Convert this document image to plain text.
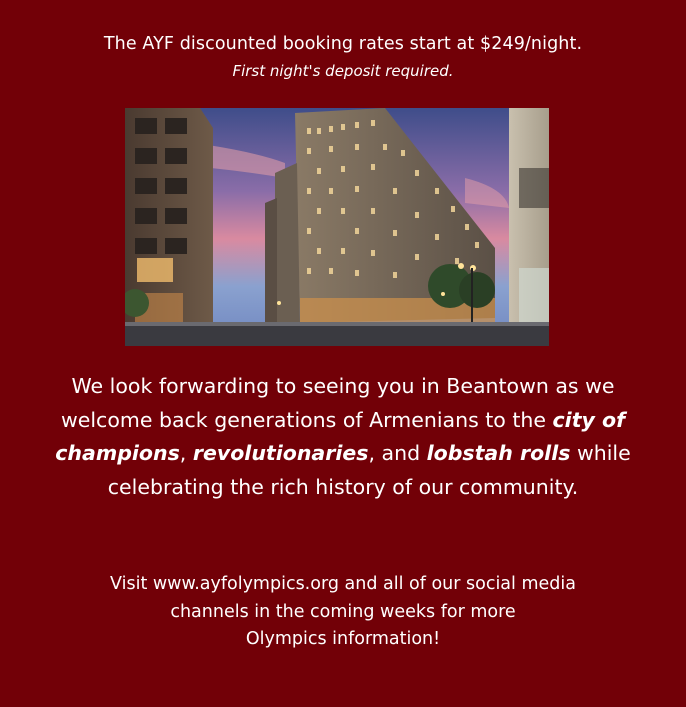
The AYF discounted booking rates start at $249/night.
First night's deposit required.
We look forwarding to seeing you in Beantown as we welcome back generations of Armenians to the city of champions, revolutionaries, and lobstah rolls while celebrating the rich history of our community.
Visit www.ayfolympics.org and all of our social media
channels in the coming weeks for more
Olympics information!
